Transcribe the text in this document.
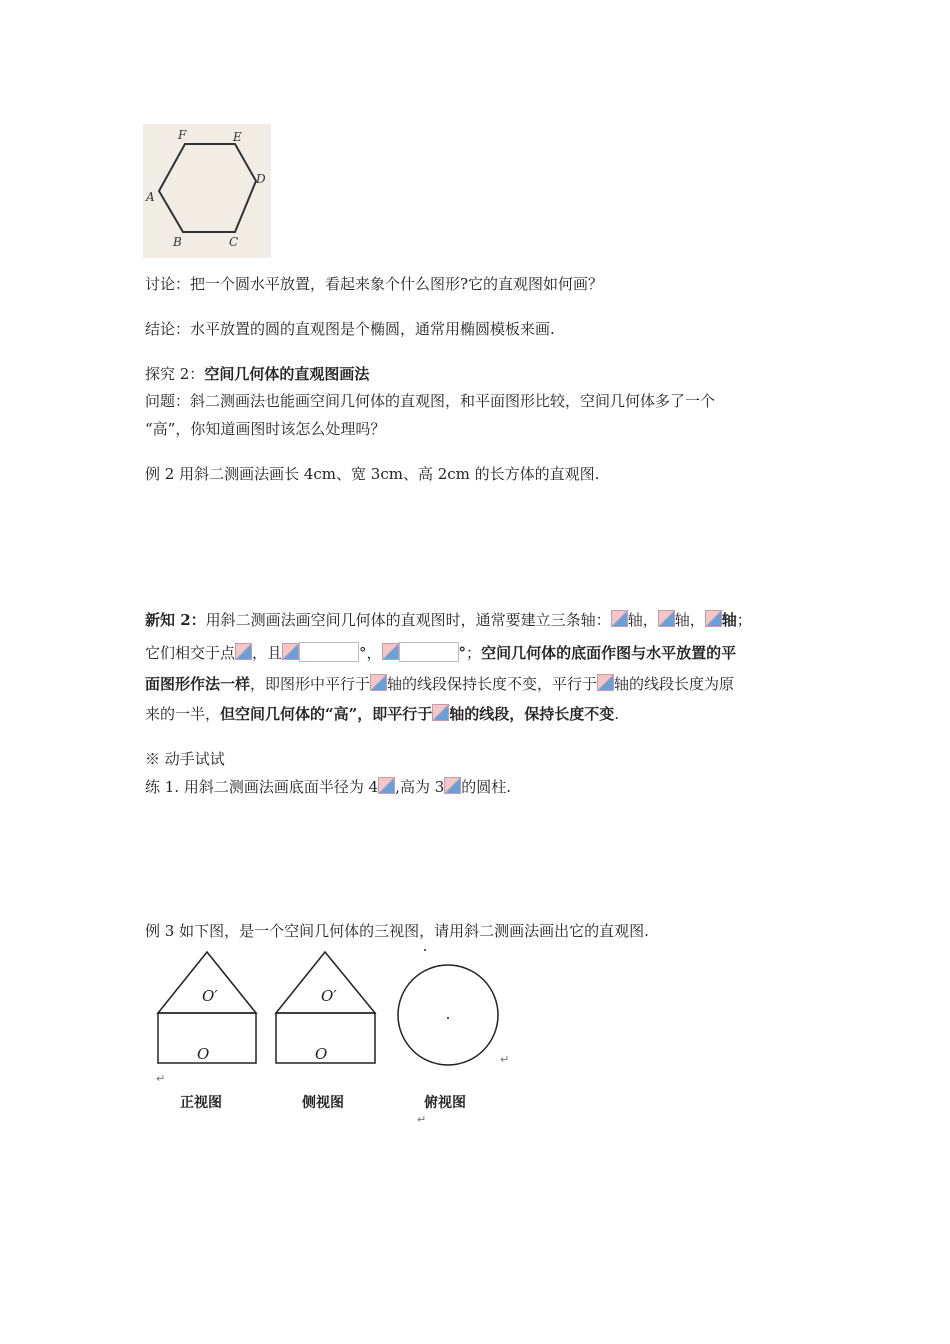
F	E
D
C
B
A
讨论：把一个圆水平放置，看起来象个什么图形?它的直观图如何画？
结论：水平放置的圆的直观图是个椭圆，通常用椭圆模板来画.
探究 2：空间几何体的直观图画法
问题：斜二测画法也能画空间几何体的直观图，和平面图形比较，空间几何体多了一个
“高”，你知道画图时该怎么处理吗？
例 2 用斜二测画法画长 4cm、宽 3cm、高 2cm 的长方体的直观图.
新知 2：用斜二测画法画空间几何体的直观图时，通常要建立三条轴： 轴， 轴， 轴；
它们相交于点 ，且	°，	°；空间几何体的底面作图与水平放置的平
面图形作法一样，即图形中平行于 轴的线段保持长度不变，平行于 轴的线段长度为原
来的一半，但空间几何体的“高”，即平行于 轴的线段，保持长度不变.
※ 动手试试
练 1. 用斜二测画法画底面半径为 4 ,高为 3 的圆柱.
例 3 如下图，是一个空间几何体的三视图，请用斜二测画法画出它的直观图.
O′
O
O′
O
↵
↵
↵
正视图	侧视图	俯视图
